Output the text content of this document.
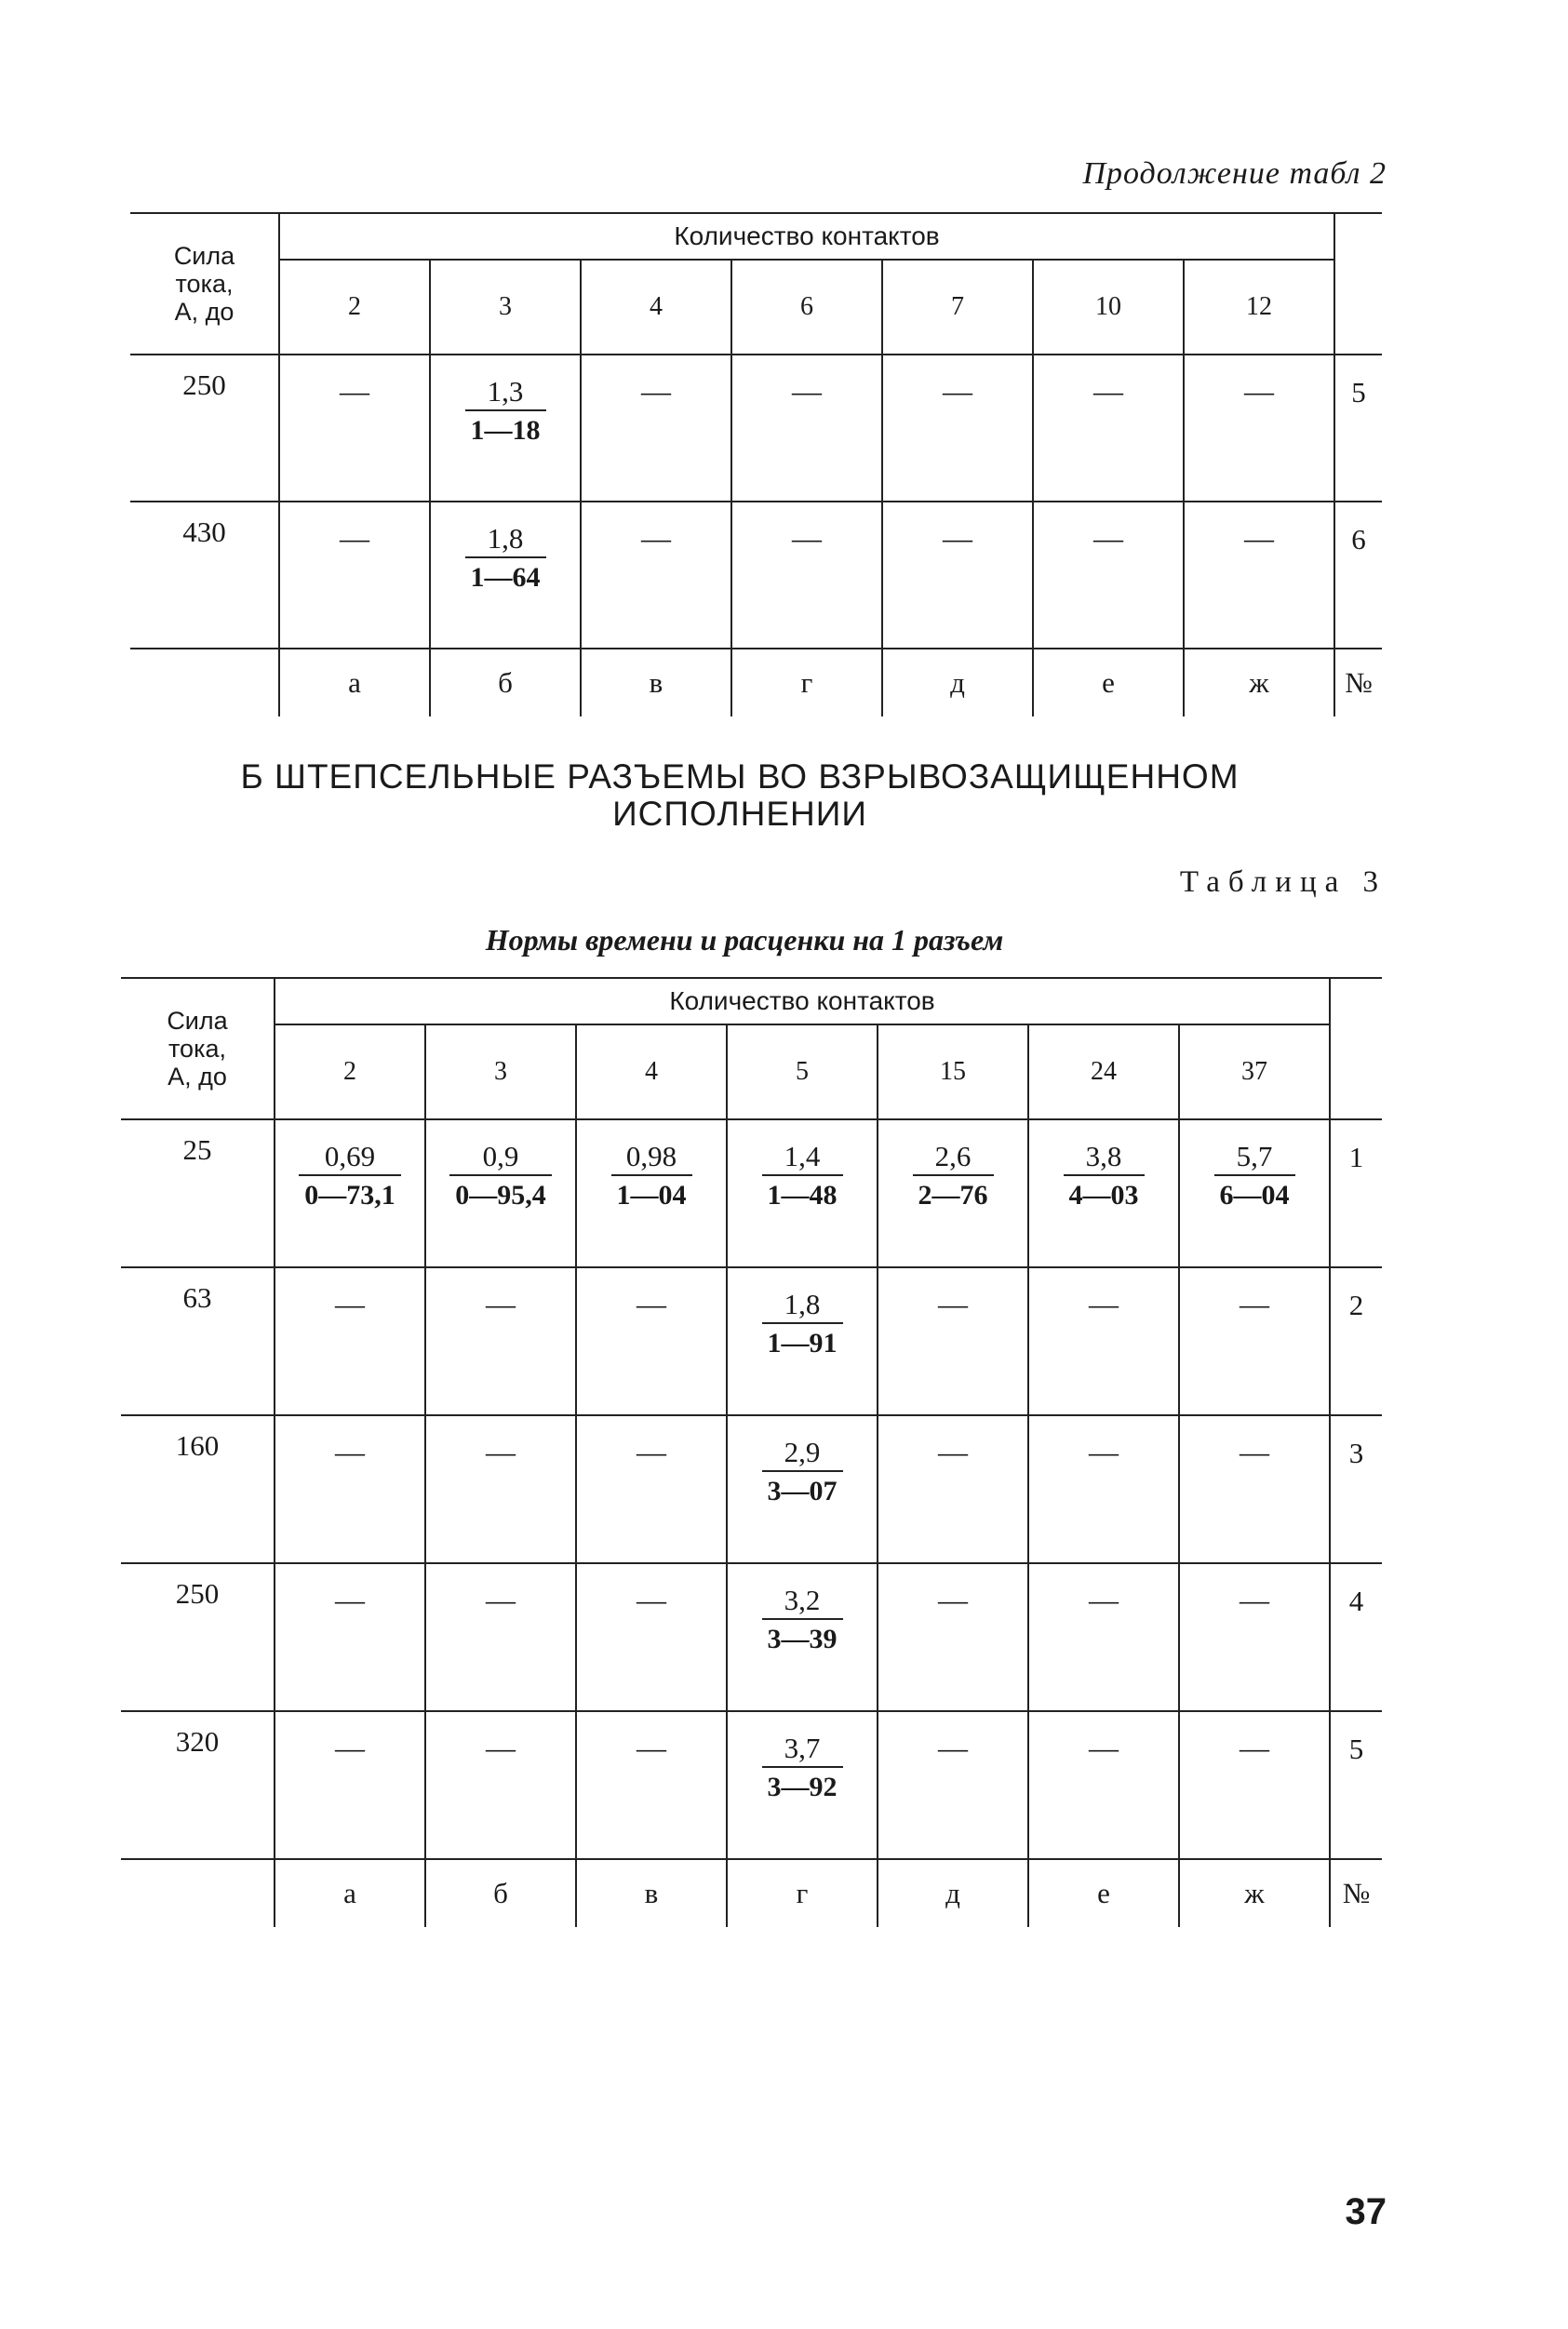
Продолжение табл 2
Сила
тока,
А, до	Количество контактов							
	2	3	4	6	7	10	12	
250	—	$\frac{1,3}{1—18}$	—	—	—	—	—	5
430	—	$\frac{1,8}{1—64}$	—	—	—	—	—	6
	а	б	в	г	д	е	ж	№
Б ШТЕПСЕЛЬНЫЕ РАЗЪЕМЫ ВО ВЗРЫВОЗАЩИЩЕННОМ
ИСПОЛНЕНИИ
Таблица 3
Нормы времени и расценки на 1 разъем
Сила
тока,
А, до	Количество контактов							
	2	3	4	5	15	24	37	
25	$\frac{0,69}{0—73,1}$	$\frac{0,9}{0—95,4}$	$\frac{0,98}{1—04}$	$\frac{1,4}{1—48}$	$\frac{2,6}{2—76}$	$\frac{3,8}{4—03}$	$\frac{5,7}{6—04}$	1
63	—	—	—	$\frac{1,8}{1—91}$	—	—	—	2
160	—	—	—	$\frac{2,9}{3—07}$	—	—	—	3
250	—	—	—	$\frac{3,2}{3—39}$	—	—	—	4
320	—	—	—	$\frac{3,7}{3—92}$	—	—	—	5
	а	б	в	г	д	е	ж	№
37
